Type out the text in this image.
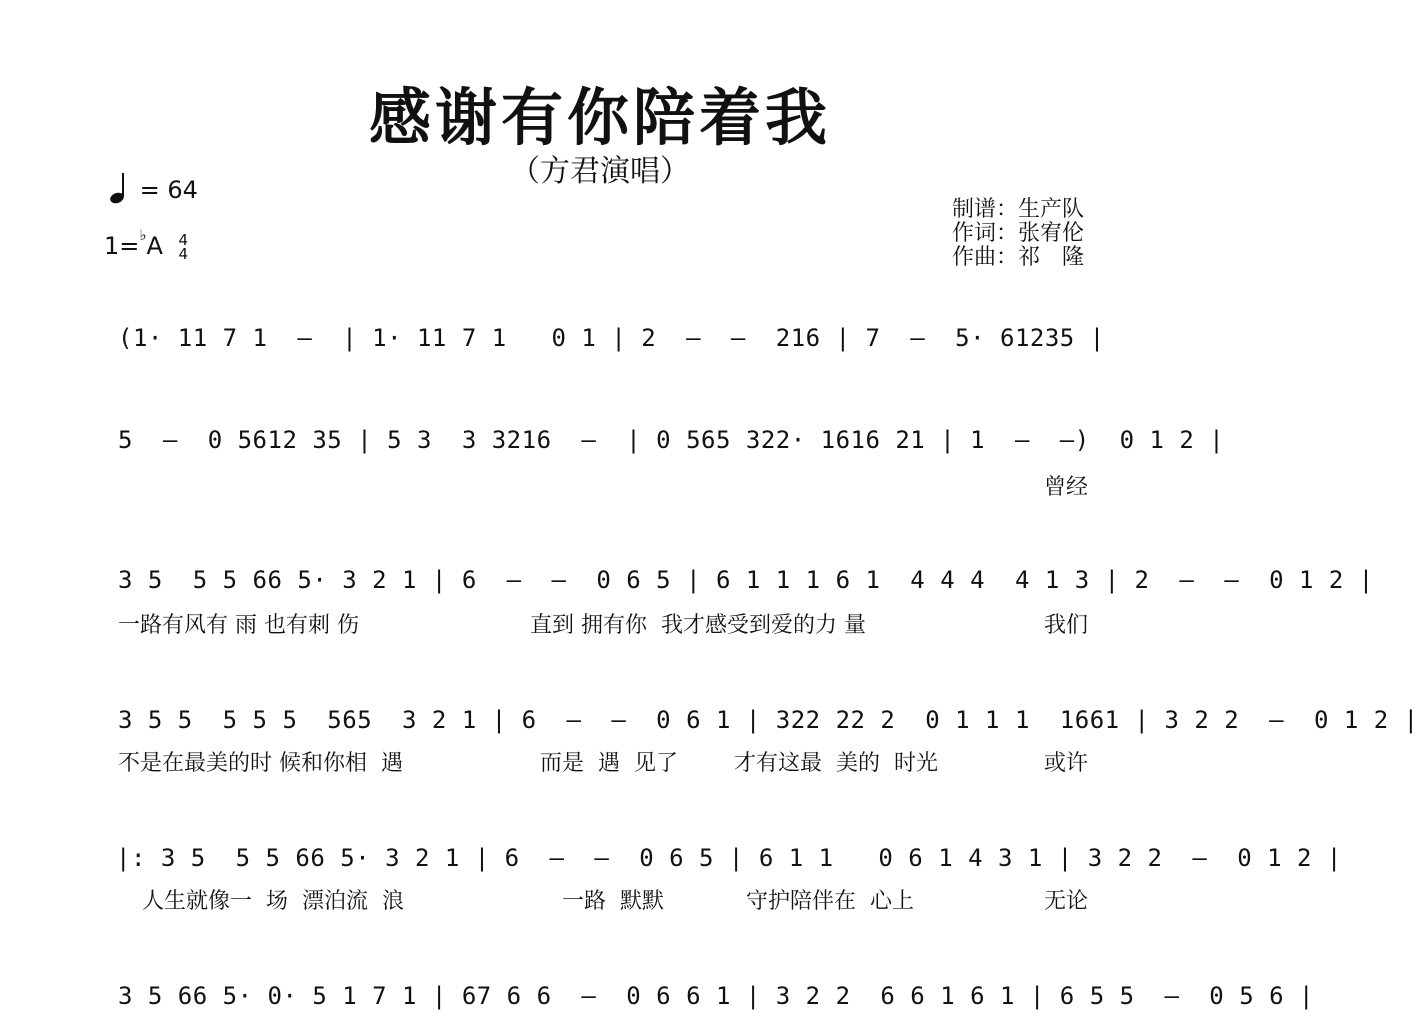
感谢有你陪着我
（方君演唱）
= 64
1=♭A 4
4
制谱：生产队
作词：张宥伦
作曲：祁　隆
(1· 11 7 1  –  | 1· 11 7 1   0 1 | 2  –  –  216 | 7  –  5· 61235 |
5  –  0 5612 35 | 5 3  3 3216  –  | 0 565 322· 1616 21 | 1  –  –)  0 1 2 |
曾经
3 5  5 5 66 5· 3 2 1 | 6  –  –  0 6 5 | 6 1 1 1 6 1  4 4 4  4 1 3 | 2  –  –  0 1 2 |
一路有风有 雨 也有刺 伤	直到 拥有你  我才感受到爱的力 量	我们
3 5 5  5 5 5  565  3 2 1 | 6  –  –  0 6 1 | 322 22 2  0 1 1 1  1661 | 3 2 2  –  0 1 2 |
不是在最美的时 候和你相  遇	而是  遇  见了	才有这最  美的  时光	或许
|: 3 5  5 5 66 5· 3 2 1 | 6  –  –  0 6 5 | 6 1 1   0 6 1 4 3 1 | 3 2 2  –  0 1 2 |
人生就像一  场  漂泊流  浪	一路  默默	守护陪伴在  心上	无论
3 5 66 5· 0· 5 1 7 1 | 67 6 6  –  0 6 6 1 | 3 2 2  6 6 1 6 1 | 6 5 5  –  0 5 6 |
